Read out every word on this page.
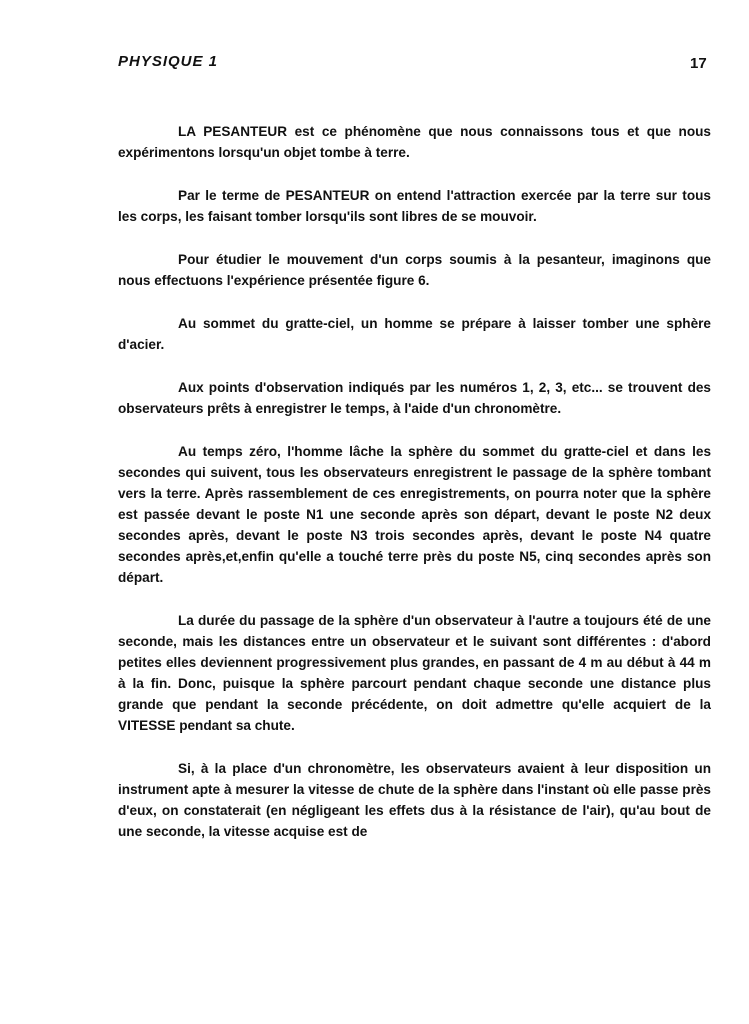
PHYSIQUE 1	17

LA PESANTEUR est ce phénomène que nous connaissons tous et que nous expérimentons lorsqu'un objet tombe à terre.

Par le terme de PESANTEUR on entend l'attraction exercée par la terre sur tous les corps, les faisant tomber lorsqu'ils sont libres de se mouvoir.

Pour étudier le mouvement d'un corps soumis à la pesanteur, imaginons que nous effectuons l'expérience présentée figure 6.

Au sommet du gratte-ciel, un homme se prépare à laisser tomber une sphère d'acier.

Aux points d'observation indiqués par les numéros 1, 2, 3, etc... se trouvent des observateurs prêts à enregistrer le temps, à l'aide d'un chronomètre.

Au temps zéro, l'homme lâche la sphère du sommet du gratte-ciel et dans les secondes qui suivent, tous les observateurs enregistrent le passage de la sphère tombant vers la terre. Après rassemblement de ces enregistrements, on pourra noter que la sphère est passée devant le poste N1 une seconde après son départ, devant le poste N2 deux secondes après, devant le poste N3 trois secondes après, devant le poste N4 quatre secondes après,et,enfin qu'elle a touché terre près du poste N5, cinq secondes après son départ.

La durée du passage de la sphère d'un observateur à l'autre a toujours été de une seconde, mais les distances entre un observateur et le suivant sont différentes : d'abord petites elles deviennent progressivement plus grandes, en passant de 4 m au début à 44 m à la fin. Donc, puisque la sphère parcourt pendant chaque seconde une distance plus grande que pendant la seconde précédente, on doit admettre qu'elle acquiert de la VITESSE pendant sa chute.

Si, à la place d'un chronomètre, les observateurs avaient à leur disposition un instrument apte à mesurer la vitesse de chute de la sphère dans l'instant où elle passe près d'eux, on constaterait (en négligeant les effets dus à la résistance de l'air), qu'au bout de une seconde, la vitesse acquise est de
